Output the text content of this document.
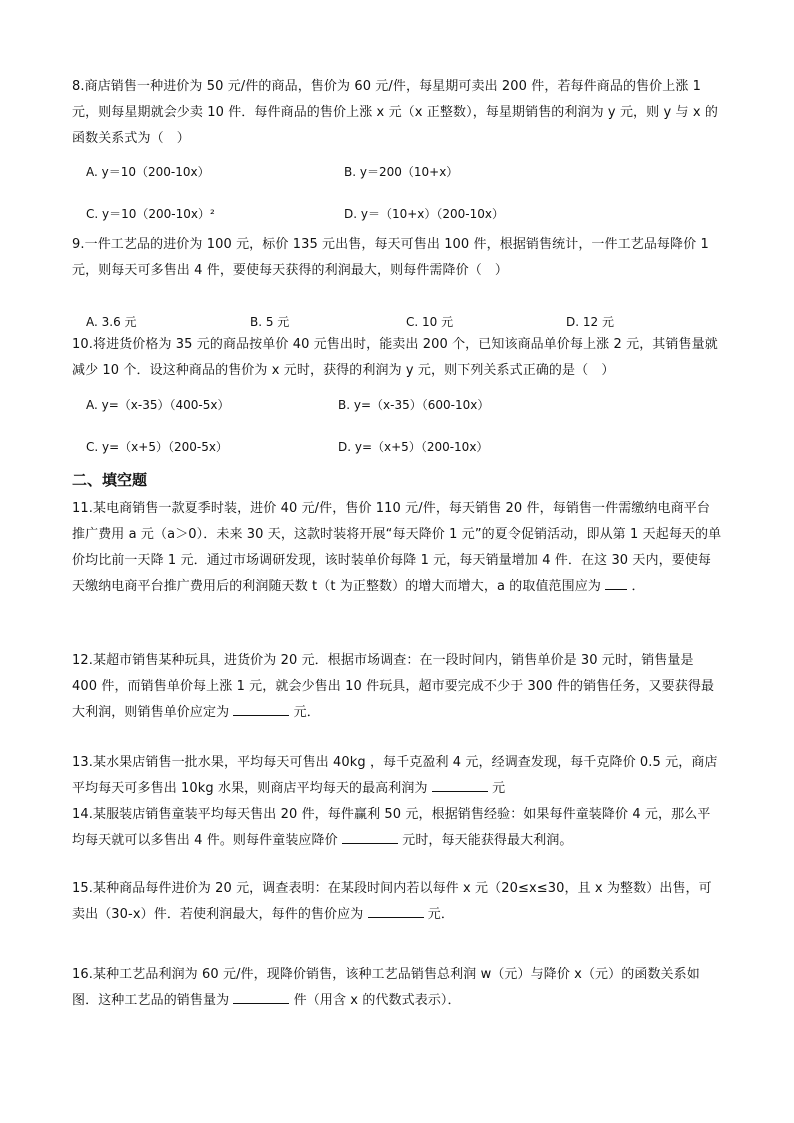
8.商店销售一种进价为 50 元/件的商品，售价为 60 元/件，每星期可卖出 200 件，若每件商品的售价上涨 1 元，则每星期就会少卖 10 件．每件商品的售价上涨 x 元（x 正整数），每星期销售的利润为 y 元，则 y 与 x 的函数关系式为（　）
A. y＝10（200-10x）	B. y＝200（10+x）
C. y＝10（200-10x）²	D. y＝（10+x）（200-10x）
9.一件工艺品的进价为 100 元，标价 135 元出售，每天可售出 100 件，根据销售统计，一件工艺品每降价 1 元，则每天可多售出 4 件，要使每天获得的利润最大，则每件需降价（　）
A. 3.6 元	B. 5 元	C. 10 元	D. 12 元
10.将进货价格为 35 元的商品按单价 40 元售出时，能卖出 200 个，已知该商品单价每上涨 2 元，其销售量就减少 10 个．设这种商品的售价为 x 元时，获得的利润为 y 元，则下列关系式正确的是（　）
A. y=（x-35）（400-5x）	B. y=（x-35）（600-10x）
C. y=（x+5）（200-5x）	D. y=（x+5）（200-10x）
二、填空题
11.某电商销售一款夏季时装，进价 40 元/件，售价 110 元/件，每天销售 20 件，每销售一件需缴纳电商平台推广费用 a 元（a＞0）．未来 30 天，这款时装将开展“每天降价 1 元”的夏令促销活动，即从第 1 天起每天的单价均比前一天降 1 元．通过市场调研发现，该时装单价每降 1 元，每天销量增加 4 件．在这 30 天内，要使每天缴纳电商平台推广费用后的利润随天数 t（t 为正整数）的增大而增大，a 的取值范围应为 ．
12.某超市销售某种玩具，进货价为 20 元．根据市场调查：在一段时间内，销售单价是 30 元时，销售量是 400 件，而销售单价每上涨 1 元，就会少售出 10 件玩具，超市要完成不少于 300 件的销售任务，又要获得最大利润，则销售单价应定为	元．
13.某水果店销售一批水果，平均每天可售出 40kg ，每千克盈利 4 元，经调查发现，每千克降价 0.5 元，商店平均每天可多售出 10kg 水果，则商店平均每天的最高利润为	元
14.某服装店销售童装平均每天售出 20 件，每件赢利 50 元，根据销售经验：如果每件童装降价 4 元，那么平均每天就可以多售出 4 件。则每件童装应降价	元时，每天能获得最大利润。
15.某种商品每件进价为 20 元，调查表明：在某段时间内若以每件 x 元（20≤x≤30，且 x 为整数）出售，可卖出（30-x）件．若使利润最大，每件的售价应为	元．
16.某种工艺品利润为 60 元/件，现降价销售，该种工艺品销售总利润 w（元）与降价 x（元）的函数关系如图．这种工艺品的销售量为	件（用含 x 的代数式表示）．
